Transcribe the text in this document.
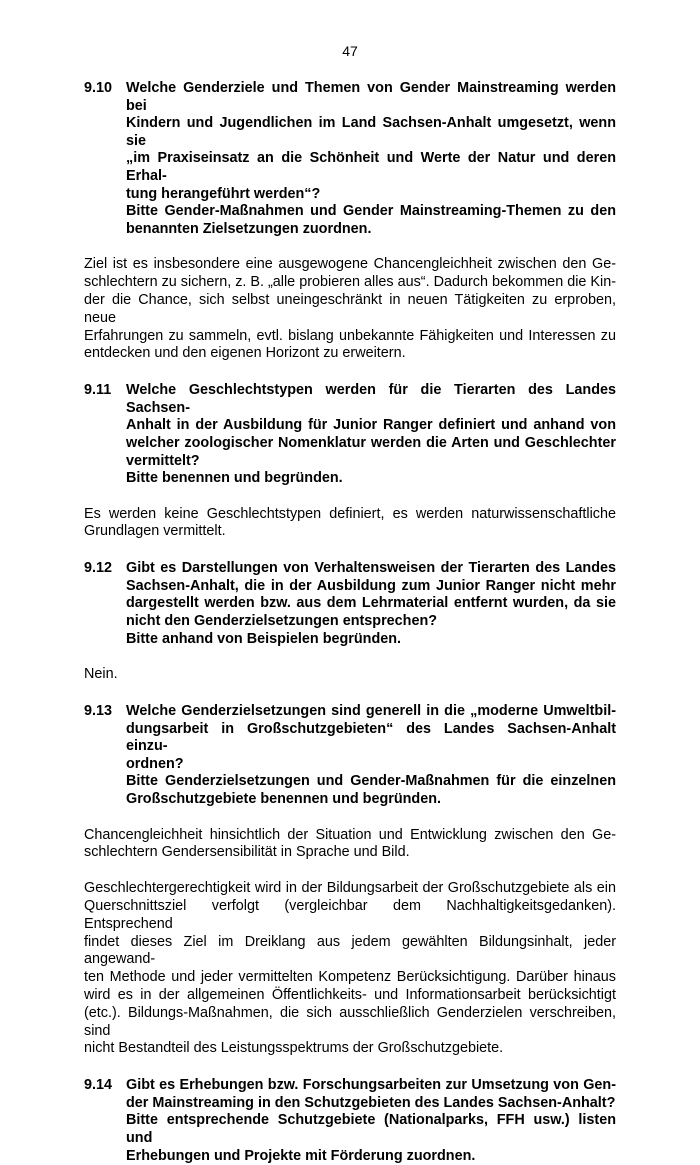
47
9.10 Welche Genderziele und Themen von Gender Mainstreaming werden bei
Kindern und Jugendlichen im Land Sachsen-Anhalt umgesetzt, wenn sie
„im Praxiseinsatz an die Schönheit und Werte der Natur und deren Erhal-
tung herangeführt werden“?
Bitte Gender-Maßnahmen und Gender Mainstreaming-Themen zu den
benannten Zielsetzungen zuordnen.

Ziel ist es insbesondere eine ausgewogene Chancengleichheit zwischen den Ge-
schlechtern zu sichern, z. B. „alle probieren alles aus“. Dadurch bekommen die Kin-
der die Chance, sich selbst uneingeschränkt in neuen Tätigkeiten zu erproben, neue
Erfahrungen zu sammeln, evtl. bislang unbekannte Fähigkeiten und Interessen zu
entdecken und den eigenen Horizont zu erweitern.

9.11	Welche Geschlechtstypen werden für die Tierarten des Landes Sachsen-
Anhalt in der Ausbildung für Junior Ranger definiert und anhand von
welcher zoologischer Nomenklatur werden die Arten und Geschlechter
vermittelt?
Bitte benennen und begründen.

Es werden keine Geschlechtstypen definiert, es werden naturwissenschaftliche
Grundlagen vermittelt.

9.12 Gibt es Darstellungen von Verhaltensweisen der Tierarten des Landes
Sachsen-Anhalt, die in der Ausbildung zum Junior Ranger nicht mehr
dargestellt werden bzw. aus dem Lehrmaterial entfernt wurden, da sie
nicht den Genderzielsetzungen entsprechen?
Bitte anhand von Beispielen begründen.

Nein.

9.13 Welche Genderzielsetzungen sind generell in die „moderne Umweltbil-
dungsarbeit in Großschutzgebieten“ des Landes Sachsen-Anhalt einzu-
ordnen?
Bitte Genderzielsetzungen und Gender-Maßnahmen für die einzelnen
Großschutzgebiete benennen und begründen.

Chancengleichheit hinsichtlich der Situation und Entwicklung zwischen den Ge-
schlechtern Gendersensibilität in Sprache und Bild.

Geschlechtergerechtigkeit wird in der Bildungsarbeit der Großschutzgebiete als ein
Querschnittsziel verfolgt (vergleichbar dem Nachhaltigkeitsgedanken). Entsprechend
findet dieses Ziel im Dreiklang aus jedem gewählten Bildungsinhalt, jeder angewand-
ten Methode und jeder vermittelten Kompetenz Berücksichtigung. Darüber hinaus
wird es in der allgemeinen Öffentlichkeits- und Informationsarbeit berücksichtigt
(etc.). Bildungs-Maßnahmen, die sich ausschließlich Genderzielen verschreiben, sind
nicht Bestandteil des Leistungsspektrums der Großschutzgebiete.

9.14 Gibt es Erhebungen bzw. Forschungsarbeiten zur Umsetzung von Gen-
der Mainstreaming in den Schutzgebieten des Landes Sachsen-Anhalt?
Bitte entsprechende Schutzgebiete (Nationalparks, FFH usw.) listen und
Erhebungen und Projekte mit Förderung zuordnen.
